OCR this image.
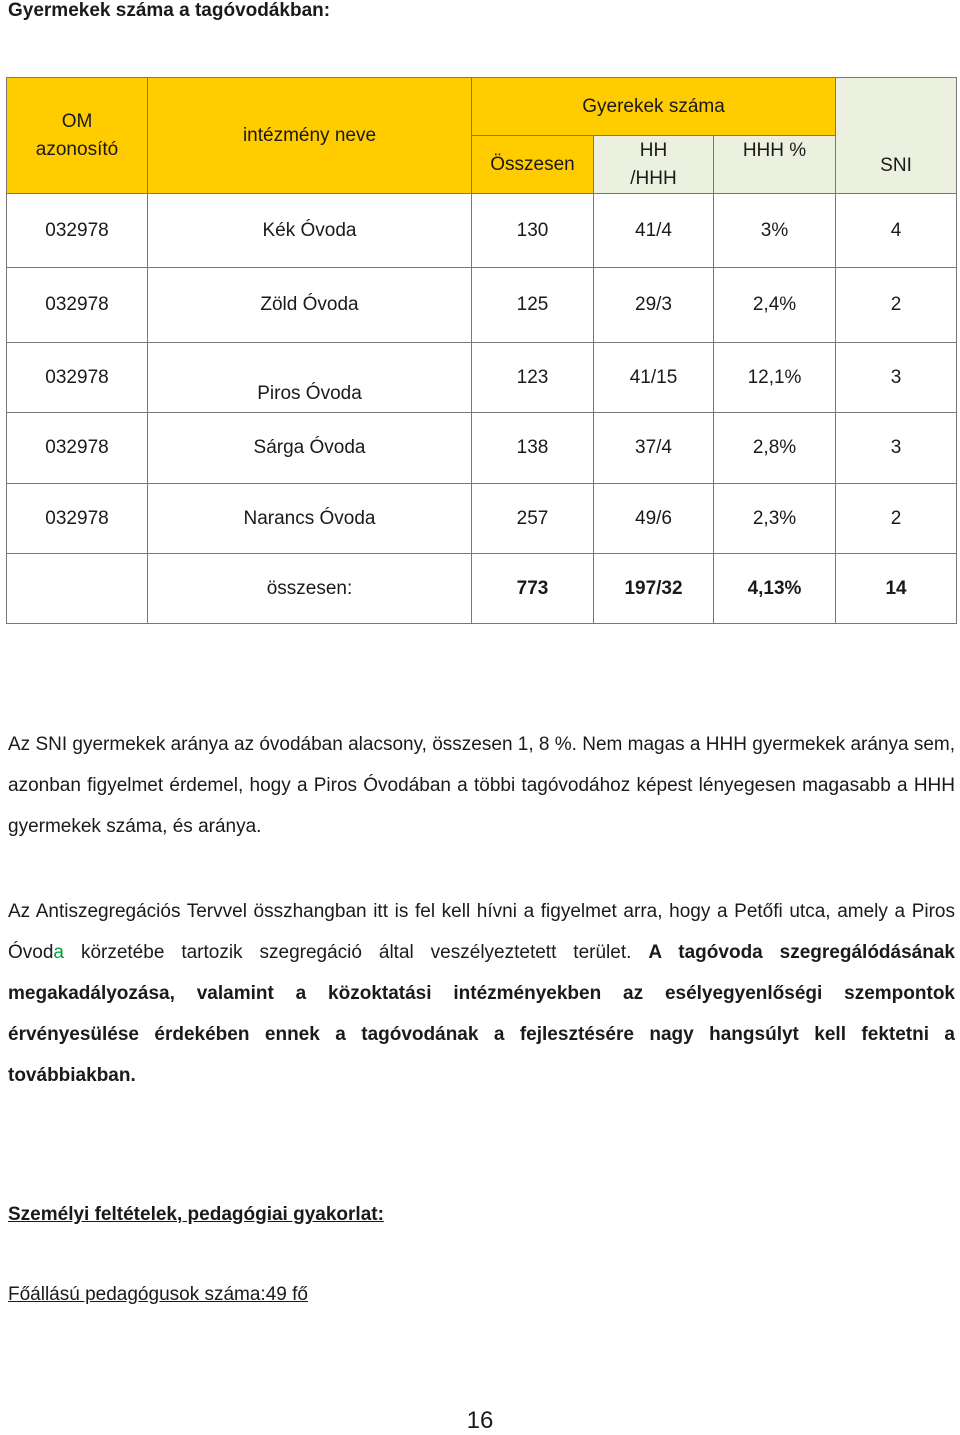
Gyermekek száma a tagóvodákban:
OM azonosító	intézmény neve	Gyerekek száma			SNI
		Összesen	HH /HHH	HHH %	
032978	Kék Óvoda	130	41/4	3%	4
032978	Zöld Óvoda	125	29/3	2,4%	2
032978	Piros Óvoda	123	41/15	12,1%	3
032978	Sárga Óvoda	138	37/4	2,8%	3
032978	Narancs Óvoda	257	49/6	2,3%	2
	összesen:	773	197/32	4,13%	14

Az SNI gyermekek aránya az óvodában alacsony, összesen 1, 8 %. Nem magas a HHH gyermekek aránya sem, azonban figyelmet érdemel, hogy a Piros Óvodában a többi tagóvodához képest lényegesen magasabb a HHH gyermekek száma, és aránya.

Az Antiszegregációs Tervvel összhangban itt is fel kell hívni a figyelmet arra, hogy a Petőfi utca, amely a Piros Óvoda körzetébe tartozik szegregáció által veszélyeztetett terület. A tagóvoda szegregálódásának megakadályozása, valamint a közoktatási intézményekben az esélyegyenlőségi szempontok érvényesülése érdekében ennek a tagóvodának a fejlesztésére nagy hangsúlyt kell fektetni a továbbiakban.

Személyi feltételek, pedagógiai gyakorlat:
Főállású pedagógusok száma:49 fő
16
